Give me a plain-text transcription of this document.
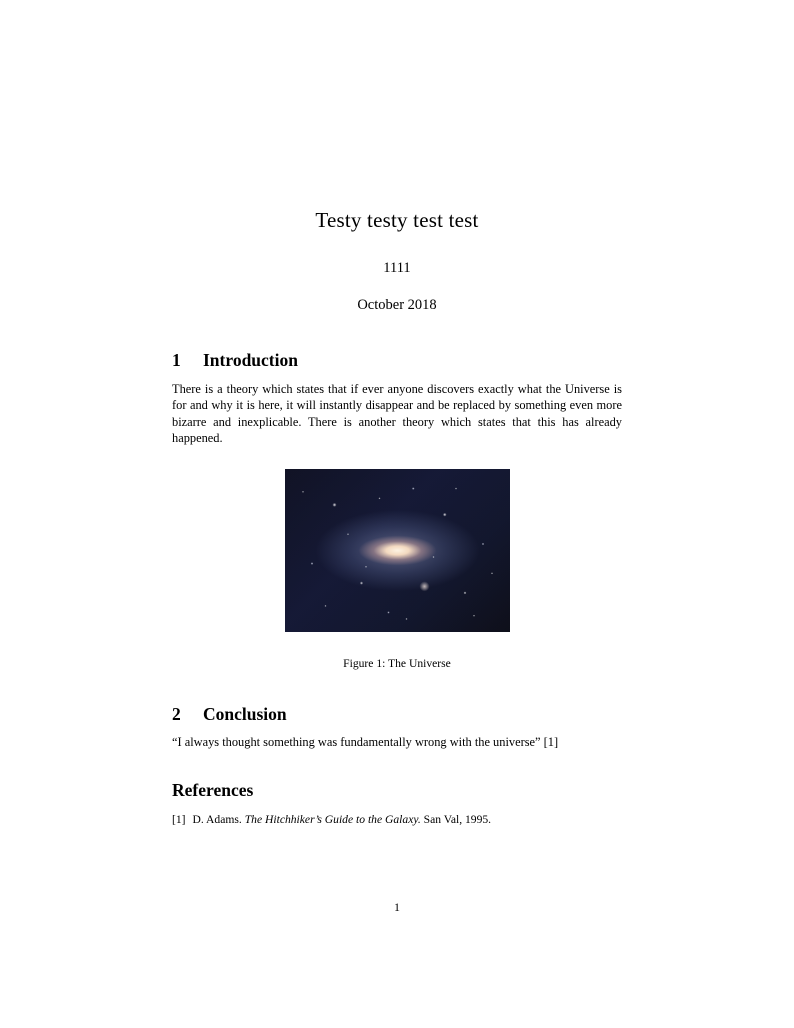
Testy testy test test
1111
October 2018
1 Introduction

There is a theory which states that if ever anyone discovers exactly what the Universe is for and why it is here, it will instantly disappear and be replaced by something even more bizarre and inexplicable. There is another theory which states that this has already happened.

Figure 1: The Universe
2 Conclusion

“I always thought something was fundamentally wrong with the universe” [1]

References
[1] D. Adams. The Hitchhiker’s Guide to the Galaxy. San Val, 1995.
1
